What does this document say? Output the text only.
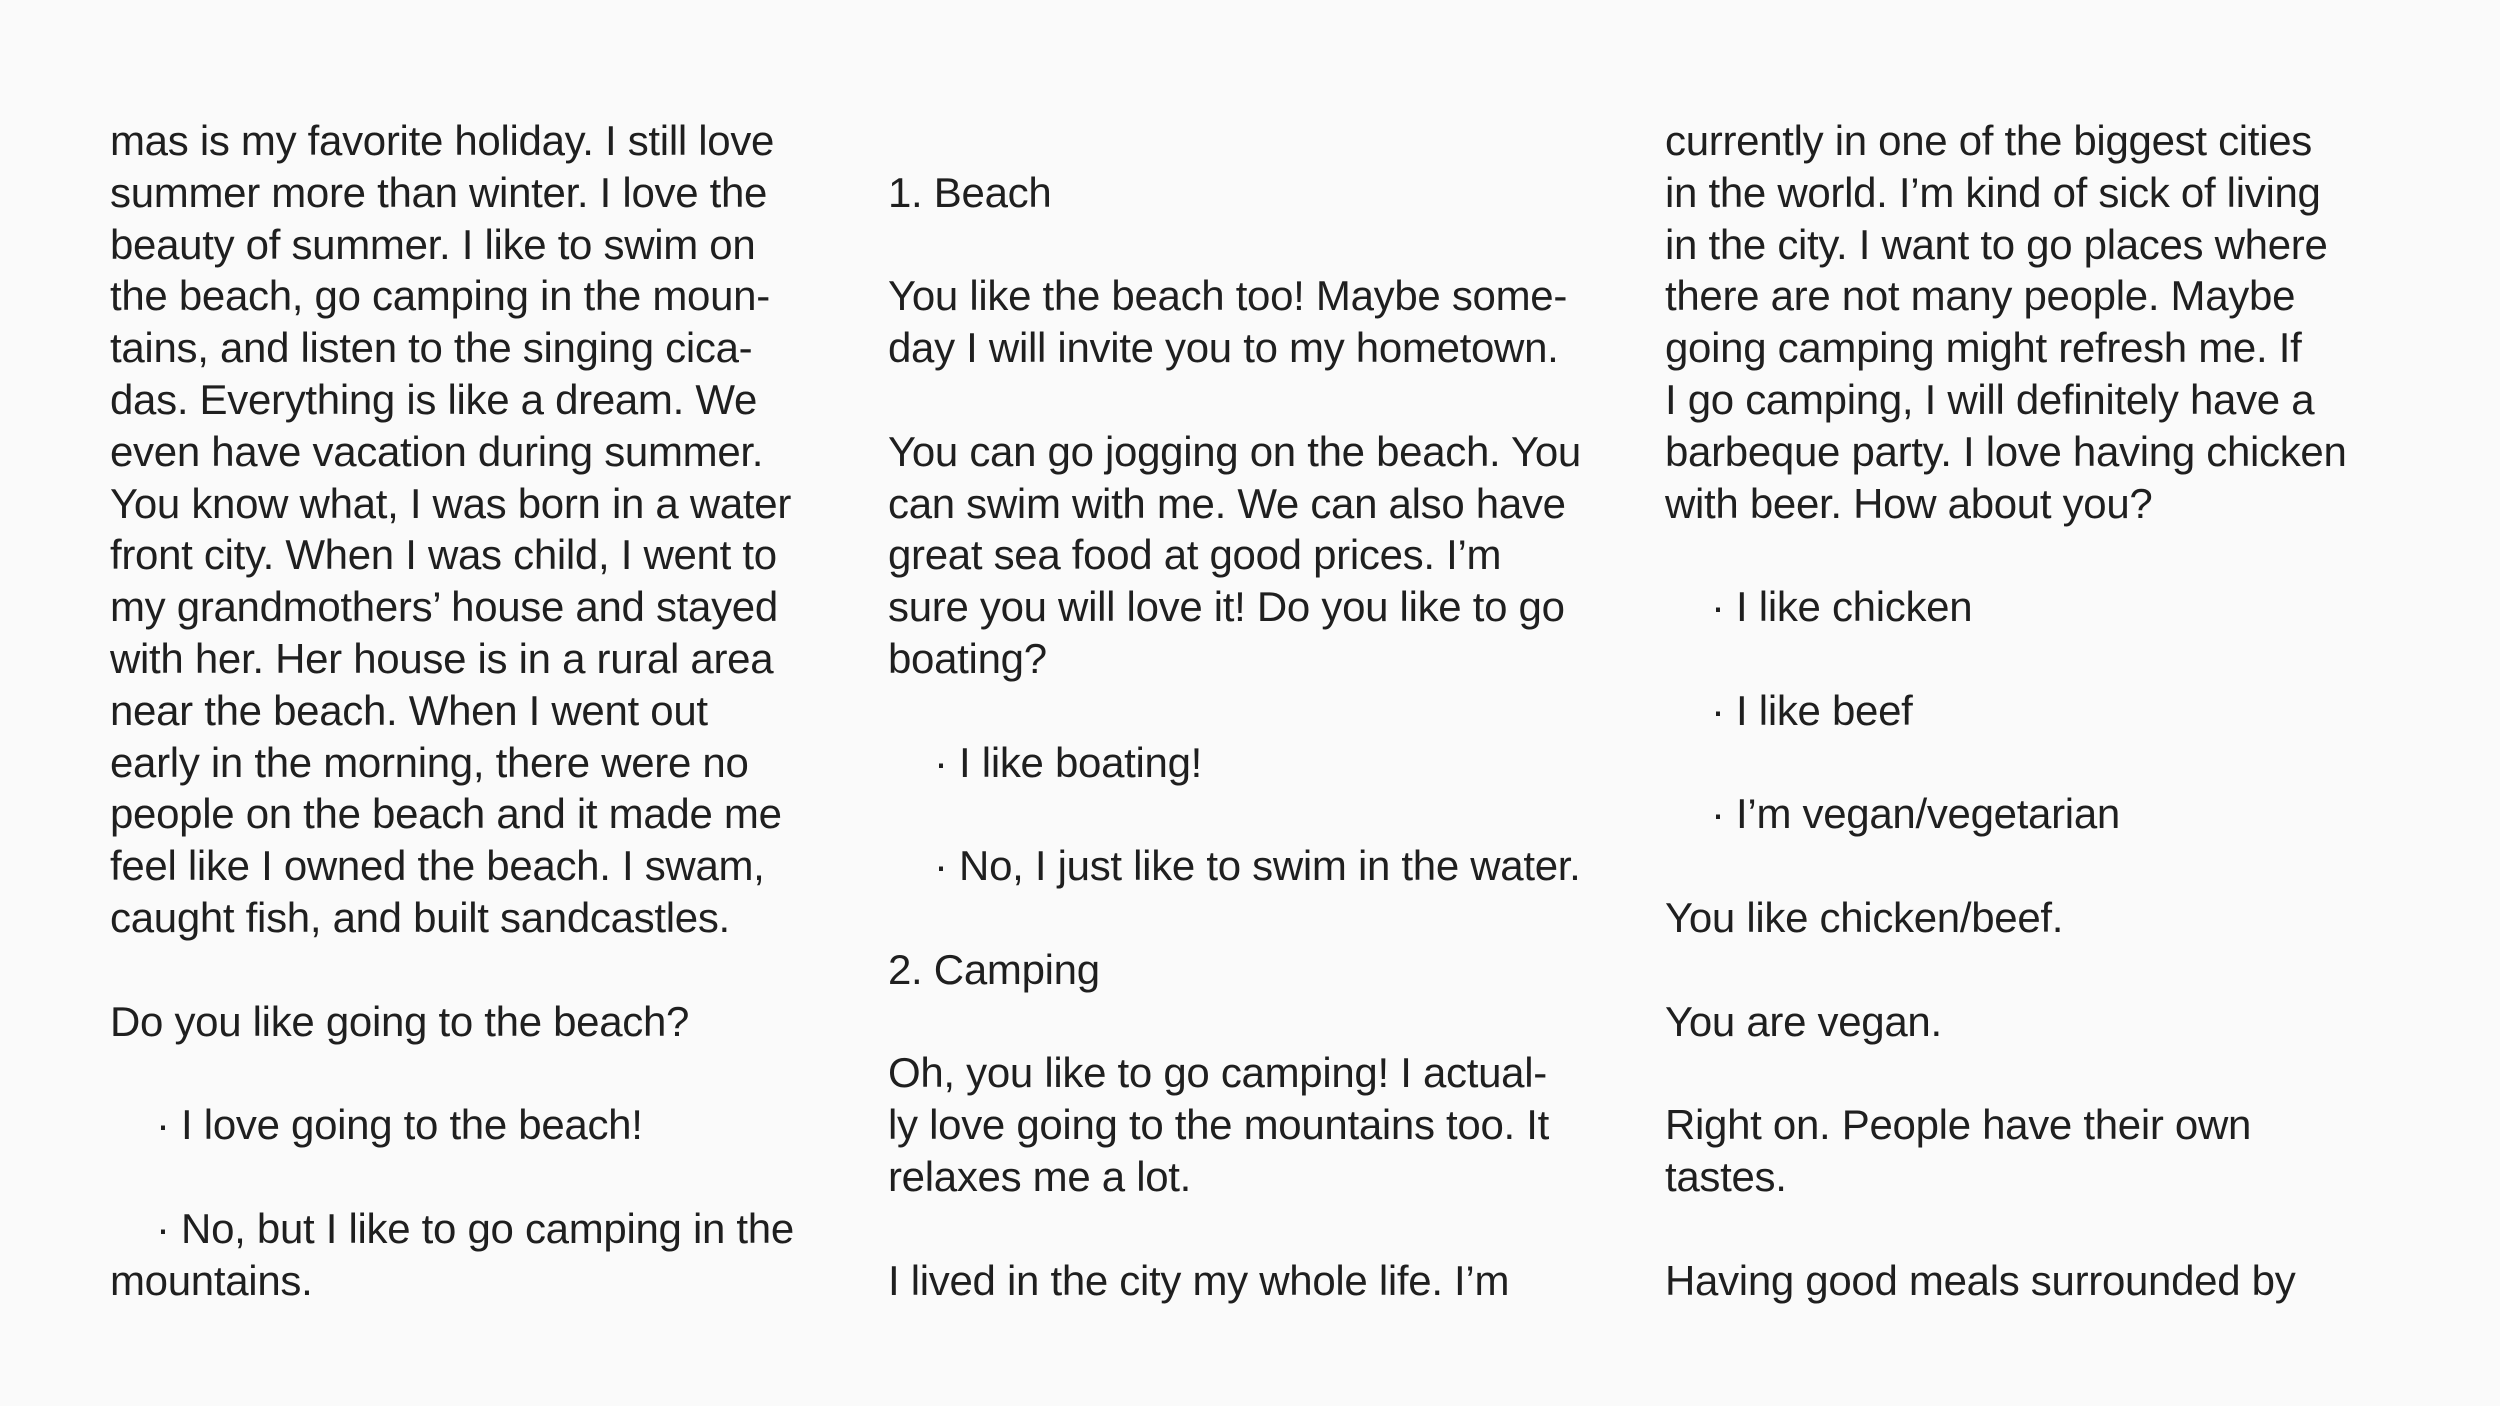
mas is my favorite holiday. I still love
summer more than winter. I love the
beauty of summer. I like to swim on
the beach, go camping in the moun-
tains, and listen to the singing cica-
das. Everything is like a dream. We
even have vacation during summer.
You know what, I was born in a water
front city. When I was child, I went to
my grandmothers’ house and stayed
with her. Her house is in a rural area
near the beach. When I went out
early in the morning, there were no
people on the beach and it made me
feel like I owned the beach. I swam,
caught fish, and built sandcastles.
Do you like going to the beach?
· I love going to the beach!
· No, but I like to go camping in the
mountains.
1. Beach
You like the beach too! Maybe some-
day I will invite you to my hometown.
You can go jogging on the beach. You
can swim with me. We can also have
great sea food at good prices. I’m
sure you will love it! Do you like to go
boating?
· I like boating!
· No, I just like to swim in the water.
2. Camping
Oh, you like to go camping! I actual-
ly love going to the mountains too. It
relaxes me a lot.
I lived in the city my whole life. I’m
currently in one of the biggest cities
in the world. I’m kind of sick of living
in the city. I want to go places where
there are not many people. Maybe
going camping might refresh me. If
I go camping, I will definitely have a
barbeque party. I love having chicken
with beer. How about you?
· I like chicken
· I like beef
· I’m vegan/vegetarian
You like chicken/beef.
You are vegan.
Right on. People have their own
tastes.
Having good meals surrounded by
